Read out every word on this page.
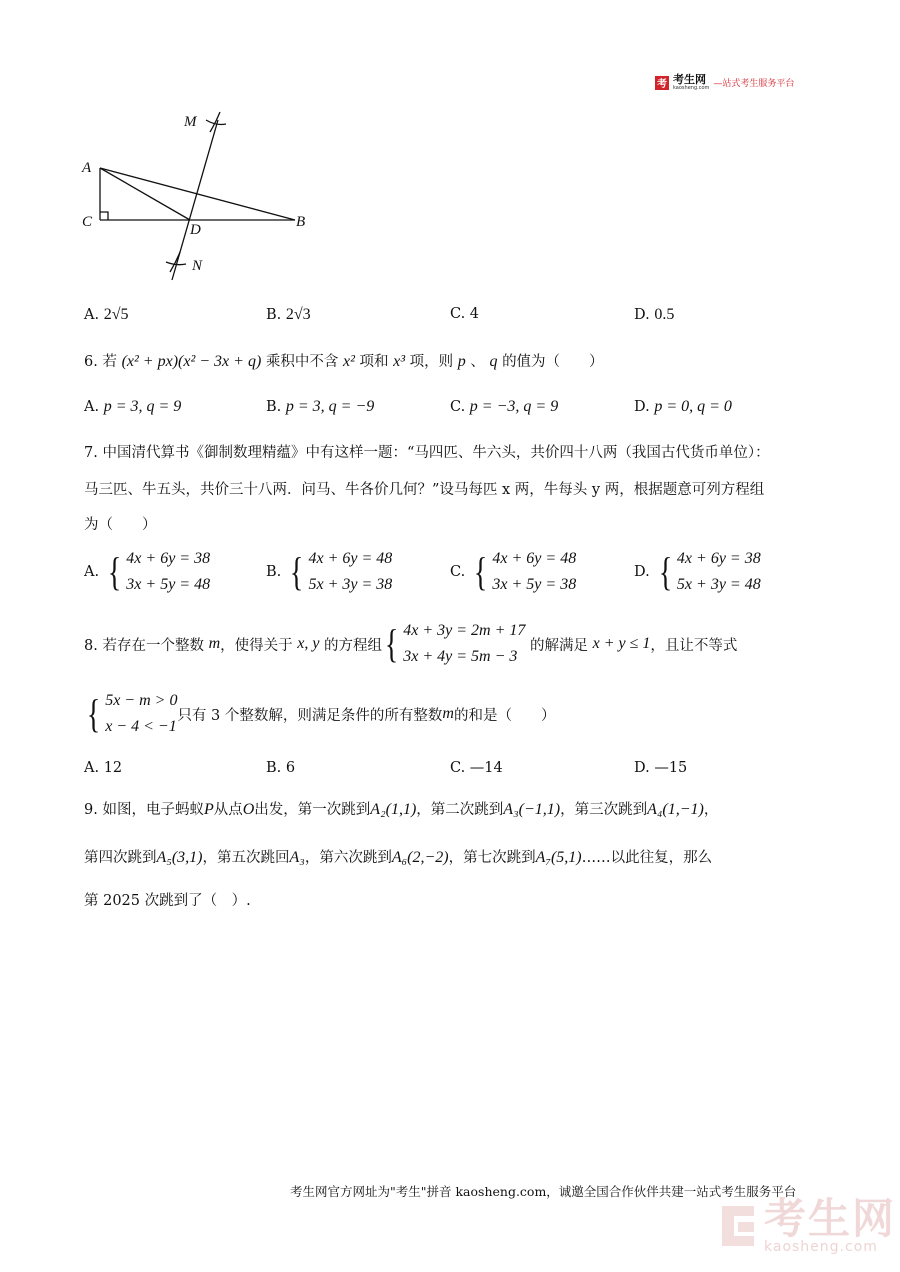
考 考生网
kaosheng.com —站式考生服务平台
M
A
C	D	B
N
A. 2√5	B. 2√3	C. 4	D. 0.5
6. 若 (x² + px)(x² − 3x + q) 乘积中不含 x² 项和 x³ 项，则 p 、 q 的值为（　　）
A. p = 3, q = 9	B. p = 3, q = −9	C. p = −3, q = 9	D. p = 0, q = 0
7. 中国清代算书《御制数理精蕴》中有这样一题：“马四匹、牛六头，共价四十八两（我国古代货币单位）：
马三匹、牛五头，共价三十八两．问马、牛各价几何？”设马每匹 x 两，牛每头 y 两，根据题意可列方程组
为（　　）
A. { 4x + 6y = 38
3x + 5y = 48
B. { 4x + 6y = 48
5x + 3y = 38
C. { 4x + 6y = 48
3x + 5y = 38
D. { 4x + 6y = 38
5x + 3y = 48
8. 若存在一个整数
m ，使得关于
x, y
的方程组 { 4x + 3y = 2m + 17
3x + 4y = 5m − 3

的解满足
x + y ≤ 1 ，且让不等式
{ 5x − m > 0
x − 4 < −1
只有 3 个整数解，则满足条件的所有整数 m 的和是（　　）
A. 12	B. 6	C. —14	D. —15
9. 如图，电子蚂蚁P从点O出发，第一次跳到A₂(1,1)，第二次跳到A₃(−1,1)，第三次跳到A₄(1,−1)，
第四次跳到A₅(3,1)，第五次跳回A₃，第六次跳到A₆(2,−2)，第七次跳到A₇(5,1)……以此往复，那么
第 2025 次跳到了（　）.
考生网官方网址为"考生"拼音 kaosheng.com，诚邀全国合作伙伴共建一站式考生服务平台
考生网
kaosheng.com
